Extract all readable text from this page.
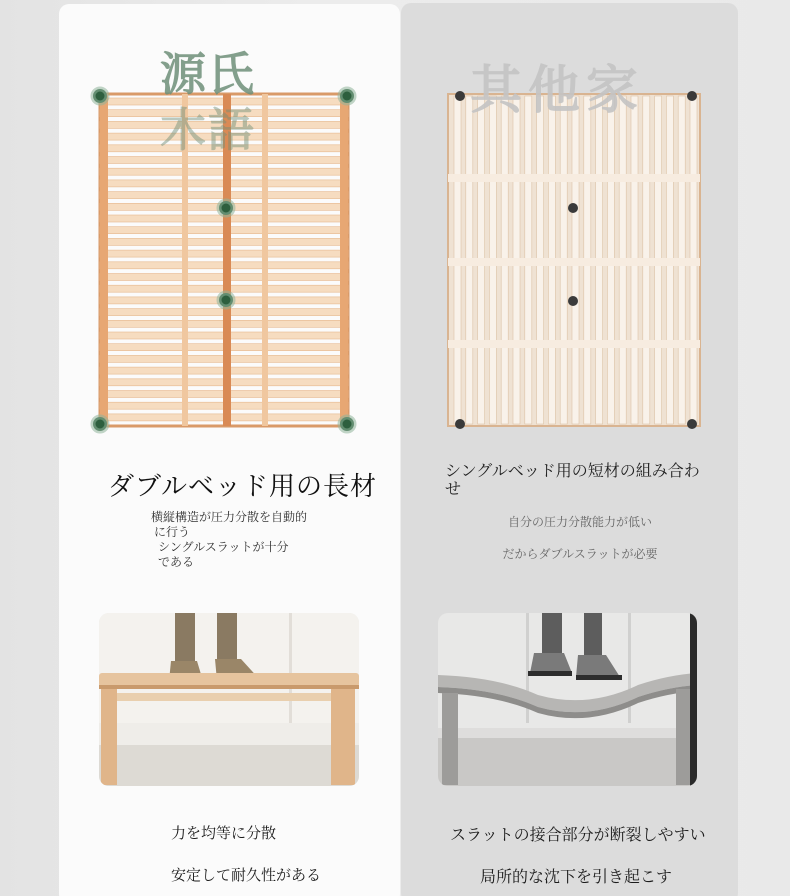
源氏
木語
其他家
ダブルベッド用の長材
シングルベッド用の短材の組み合わせ
横縦構造が圧力分散を自動的
に行う
シングルスラットが十分
である
自分の圧力分散能力が低い
だからダブルスラットが必要
力を均等に分散
安定して耐久性がある
スラットの接合部分が断裂しやすい
局所的な沈下を引き起こす
